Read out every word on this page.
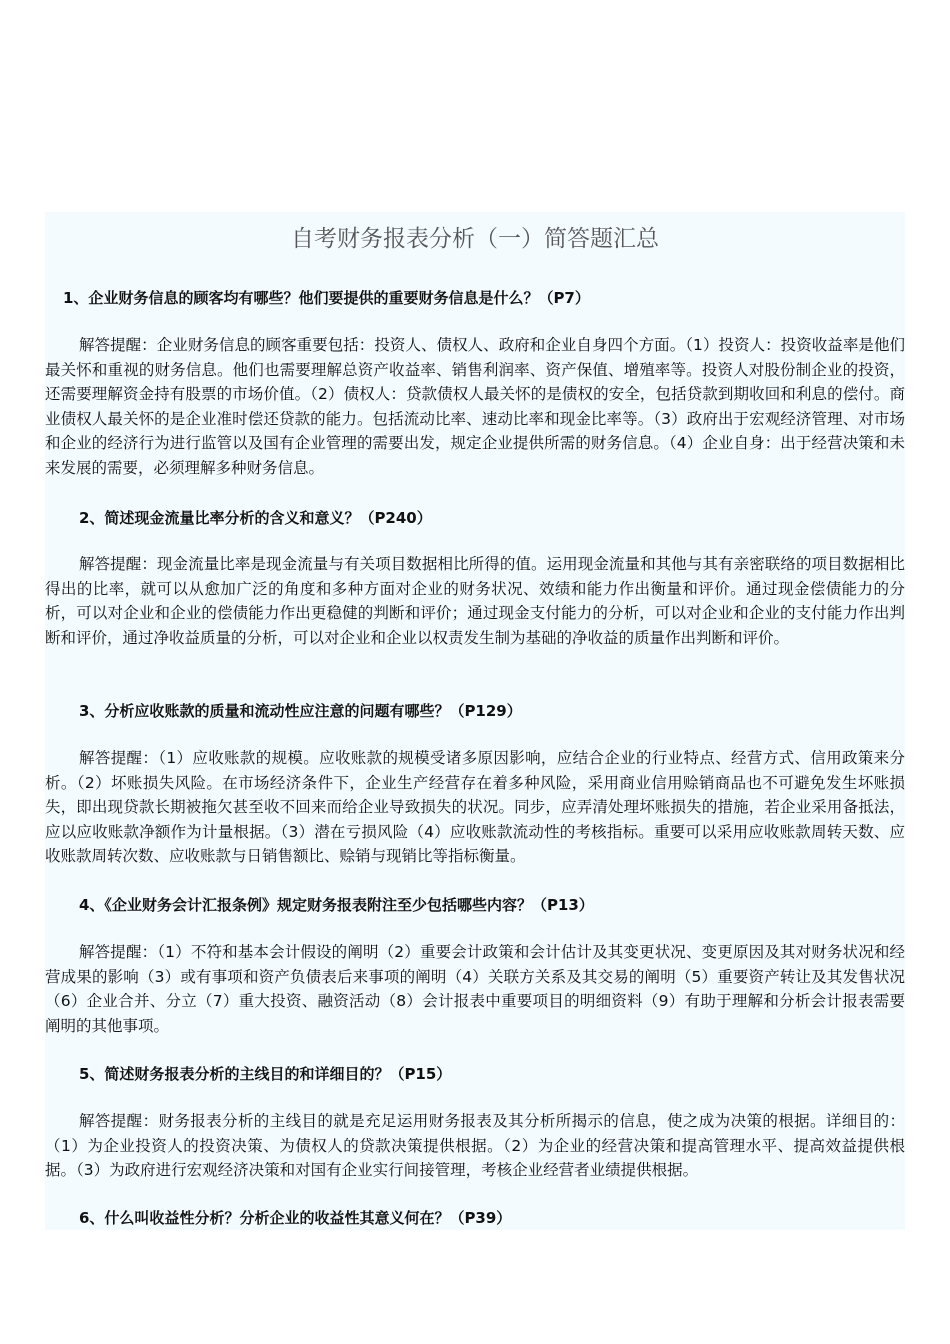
自考财务报表分析（一）简答题汇总

1、企业财务信息的顾客均有哪些？他们要提供的重要财务信息是什么？（P7）

解答提醒：企业财务信息的顾客重要包括：投资人、债权人、政府和企业自身四个方面。（1）投资人：投资收益率是他们最关怀和重视的财务信息。他们也需要理解总资产收益率、销售利润率、资产保值、增殖率等。投资人对股份制企业的投资，还需要理解资金持有股票的市场价值。（2）债权人：贷款债权人最关怀的是债权的安全，包括贷款到期收回和利息的偿付。商业债权人最关怀的是企业准时偿还贷款的能力。包括流动比率、速动比率和现金比率等。（3）政府出于宏观经济管理、对市场和企业的经济行为进行监管以及国有企业管理的需要出发，规定企业提供所需的财务信息。（4）企业自身：出于经营决策和未来发展的需要，必须理解多种财务信息。

2、简述现金流量比率分析的含义和意义？（P240）

解答提醒：现金流量比率是现金流量与有关项目数据相比所得的值。运用现金流量和其他与其有亲密联络的项目数据相比得出的比率，就可以从愈加广泛的角度和多种方面对企业的财务状况、效绩和能力作出衡量和评价。通过现金偿债能力的分析，可以对企业和企业的偿债能力作出更稳健的判断和评价；通过现金支付能力的分析，可以对企业和企业的支付能力作出判断和评价，通过净收益质量的分析，可以对企业和企业以权责发生制为基础的净收益的质量作出判断和评价。

3、分析应收账款的质量和流动性应注意的问题有哪些？（P129）

解答提醒：（1）应收账款的规模。应收账款的规模受诸多原因影响，应结合企业的行业特点、经营方式、信用政策来分析。（2）坏账损失风险。在市场经济条件下，企业生产经营存在着多种风险，采用商业信用赊销商品也不可避免发生坏账损失，即出现贷款长期被拖欠甚至收不回来而给企业导致损失的状况。同步，应弄清处理坏账损失的措施，若企业采用备抵法，应以应收账款净额作为计量根据。（3）潜在亏损风险（4）应收账款流动性的考核指标。重要可以采用应收账款周转天数、应收账款周转次数、应收账款与日销售额比、赊销与现销比等指标衡量。

4、《企业财务会计汇报条例》规定财务报表附注至少包括哪些内容？（P13）

解答提醒：（1）不符和基本会计假设的阐明（2）重要会计政策和会计估计及其变更状况、变更原因及其对财务状况和经营成果的影响（3）或有事项和资产负债表后来事项的阐明（4）关联方关系及其交易的阐明（5）重要资产转让及其发售状况（6）企业合并、分立（7）重大投资、融资活动（8）会计报表中重要项目的明细资料（9）有助于理解和分析会计报表需要阐明的其他事项。

5、简述财务报表分析的主线目的和详细目的？（P15）

解答提醒：财务报表分析的主线目的就是充足运用财务报表及其分析所揭示的信息，使之成为决策的根据。详细目的：（1）为企业投资人的投资决策、为债权人的贷款决策提供根据。（2）为企业的经营决策和提高管理水平、提高效益提供根据。（3）为政府进行宏观经济决策和对国有企业实行间接管理，考核企业经营者业绩提供根据。

6、什么叫收益性分析？分析企业的收益性其意义何在？（P39）
